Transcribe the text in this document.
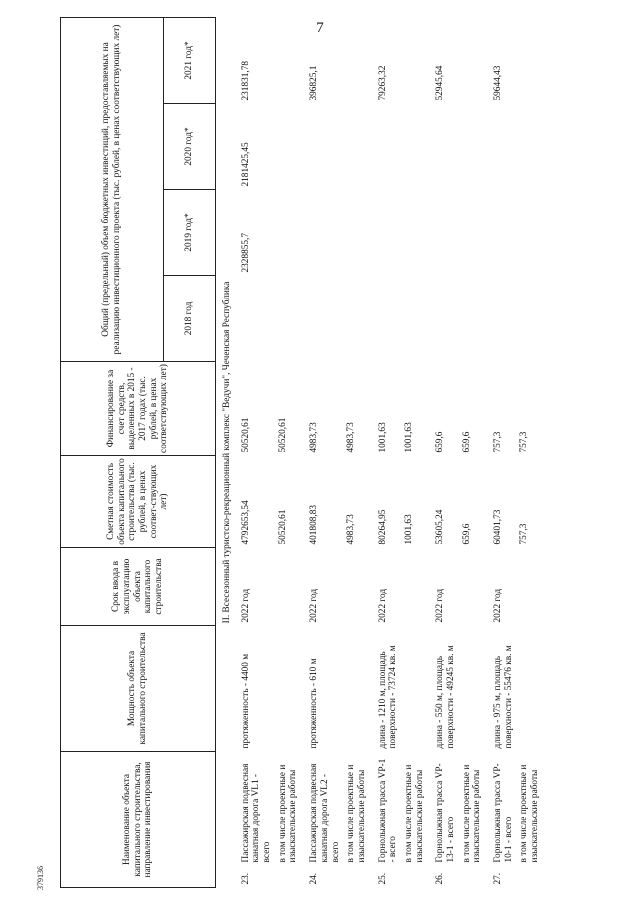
7
379136
Наименование объекта капитального строительства, направление инвестирования		Мощность объекта капитального строительства	Срок ввода в эксплуатацию объекта капитального строительства	Сметная стоимость объекта капитального строительства (тыс. рублей, в ценах соответ-ствующих лет)	Финансирование за счет средств, выделенных в 2015 - 2017 годах (тыс. рублей, в ценах соответствующих лет)	Общий (предельный) объем бюджетных инвестиций, предоставляемых на реализацию инвестиционного проекта (тыс. рублей, в ценах соответствующих лет)			
						2018 год	2019 год*	2020 год*	2021 год*
II. Всесезонный туристско-рекреационный комплекс "Ведучи", Чеченская Республика									
23.	Пассажирская подвесная канатная дорога VL1 - всего	протяженность - 4400 м	2022 год	4792653,54	50520,61		2328855,7	2181425,45	231831,78
	в том числе проектные и изыскательские работы			50520,61	50520,61				
24.	Пассажирская подвесная канатная дорога VL2 - всего	протяженность - 610 м	2022 год	401808,83	4983,73				396825,1
	в том числе проектные и изыскательские работы			4983,73	4983,73				
25.	Горнолыжная трасса VP-1 - всего	длина - 1210 м, площадь поверхности - 73724 кв. м	2022 год	80264,95	1001,63				79263,32
	в том числе проектные и изыскательские работы			1001,63	1001,63				
26.	Горнолыжная трасса VP-13-1 - всего	длина - 550 м, площадь поверхности - 49245 кв. м	2022 год	53605,24	659,6				52945,64
	в том числе проектные и изыскательские работы			659,6	659,6				
27.	Горнолыжная трасса VP-10-1 - всего	длина - 975 м, площадь поверхности - 55476 кв. м	2022 год	60401,73	757,3				59644,43
	в том числе проектные и изыскательские работы			757,3	757,3				
